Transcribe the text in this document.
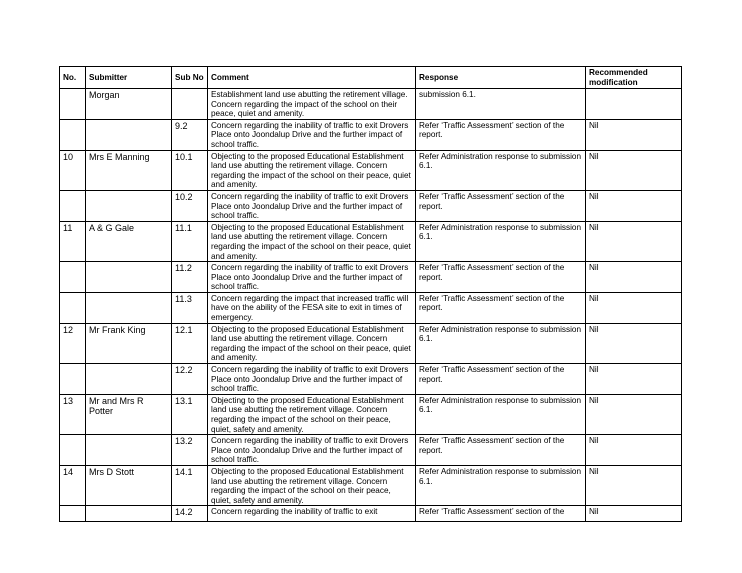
No.	Submitter	Sub No	Comment	Response	Recommended modification
	Morgan		Establishment land use abutting the retirement village. Concern regarding the impact of the school on their peace, quiet and amenity.	submission 6.1.	
		9.2	Concern regarding the inability of traffic to exit Drovers Place onto Joondalup Drive and the further impact of school traffic.	Refer ‘Traffic Assessment’ section of the report.	Nil
10	Mrs E Manning	10.1	Objecting to the proposed Educational Establishment land use abutting the retirement village. Concern regarding the impact of the school on their peace, quiet and amenity.	Refer Administration response to submission 6.1.	Nil
		10.2	Concern regarding the inability of traffic to exit Drovers Place onto Joondalup Drive and the further impact of school traffic.	Refer ‘Traffic Assessment’ section of the report.	Nil
11	A & G Gale	11.1	Objecting to the proposed Educational Establishment land use abutting the retirement village. Concern regarding the impact of the school on their peace, quiet and amenity.	Refer Administration response to submission 6.1.	Nil
		11.2	Concern regarding the inability of traffic to exit Drovers Place onto Joondalup Drive and the further impact of school traffic.	Refer ‘Traffic Assessment’ section of the report.	Nil
		11.3	Concern regarding the impact that increased traffic will have on the ability of the FESA site to exit in times of emergency.	Refer ‘Traffic Assessment’ section of the report.	Nil
12	Mr Frank King	12.1	Objecting to the proposed Educational Establishment land use abutting the retirement village. Concern regarding the impact of the school on their peace, quiet and amenity.	Refer Administration response to submission 6.1.	Nil
		12.2	Concern regarding the inability of traffic to exit Drovers Place onto Joondalup Drive and the further impact of school traffic.	Refer ‘Traffic Assessment’ section of the report.	Nil
13	Mr and Mrs R Potter	13.1	Objecting to the proposed Educational Establishment land use abutting the retirement village. Concern regarding the impact of the school on their peace, quiet, safety and amenity.	Refer Administration response to submission 6.1.	Nil
		13.2	Concern regarding the inability of traffic to exit Drovers Place onto Joondalup Drive and the further impact of school traffic.	Refer ‘Traffic Assessment’ section of the report.	Nil
14	Mrs D Stott	14.1	Objecting to the proposed Educational Establishment land use abutting the retirement village. Concern regarding the impact of the school on their peace, quiet, safety and amenity.	Refer Administration response to submission 6.1.	Nil
		14.2	Concern regarding the inability of traffic to exit	Refer ‘Traffic Assessment’ section of the	Nil
